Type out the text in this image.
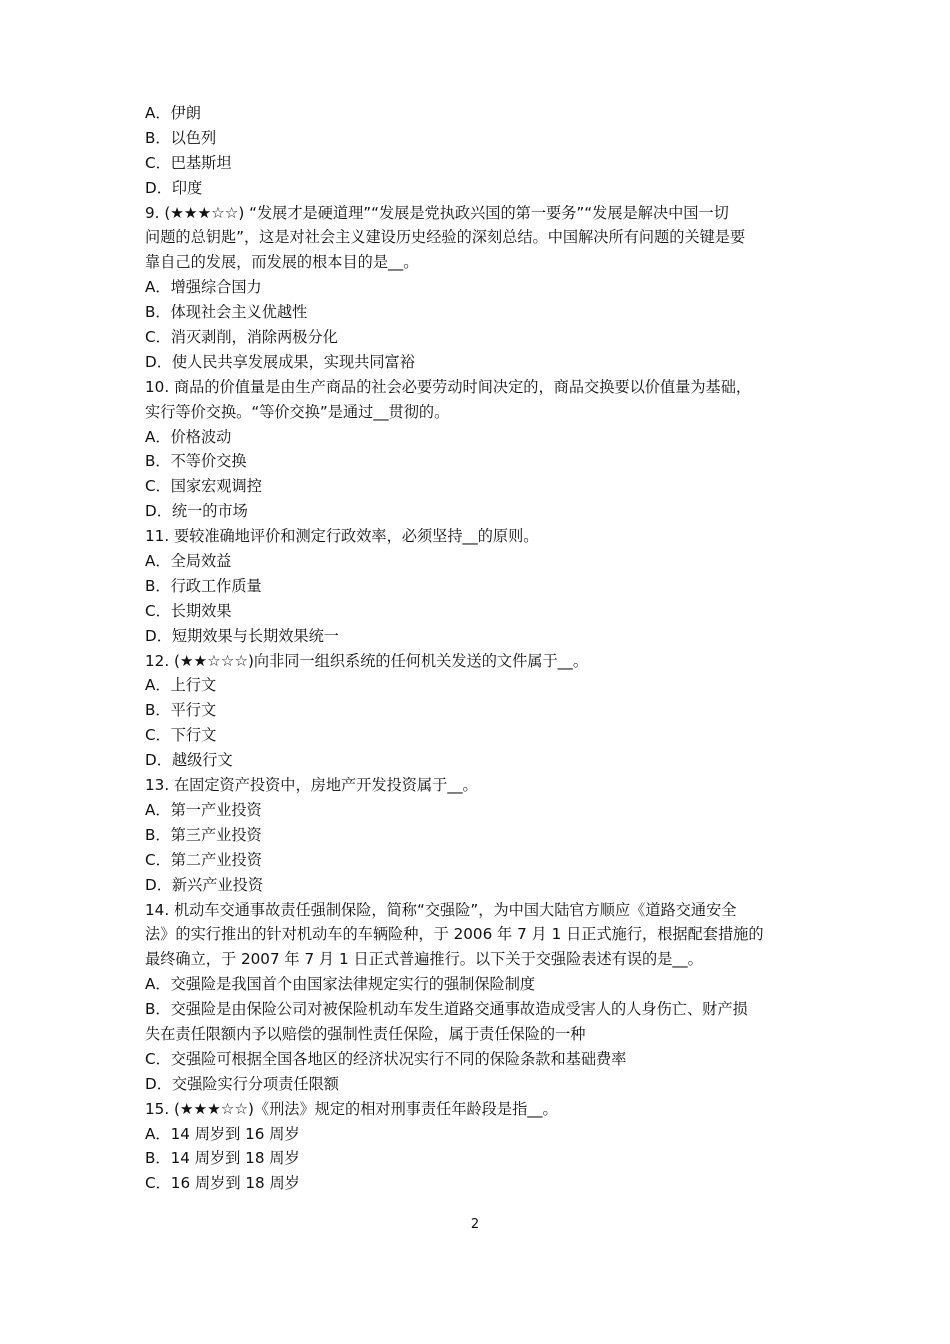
A．伊朗
B．以色列
C．巴基斯坦
D．印度
9. (★★★☆☆) “发展才是硬道理”“发展是党执政兴国的第一要务”“发展是解决中国一切
问题的总钥匙”，这是对社会主义建设历史经验的深刻总结。中国解决所有问题的关键是要
靠自己的发展，而发展的根本目的是__。
A．增强综合国力
B．体现社会主义优越性
C．消灭剥削，消除两极分化
D．使人民共享发展成果，实现共同富裕
10. 商品的价值量是由生产商品的社会必要劳动时间决定的，商品交换要以价值量为基础，
实行等价交换。“等价交换”是通过__贯彻的。
A．价格波动
B．不等价交换
C．国家宏观调控
D．统一的市场
11. 要较准确地评价和测定行政效率，必须坚持__的原则。
A．全局效益
B．行政工作质量
C．长期效果
D．短期效果与长期效果统一
12. (★★☆☆☆)向非同一组织系统的任何机关发送的文件属于__。
A．上行文
B．平行文
C．下行文
D．越级行文
13. 在固定资产投资中，房地产开发投资属于__。
A．第一产业投资
B．第三产业投资
C．第二产业投资
D．新兴产业投资
14. 机动车交通事故责任强制保险，简称“交强险”，为中国大陆官方顺应《道路交通安全
法》的实行推出的针对机动车的车辆险种，于 2006 年 7 月 1 日正式施行，根据配套措施的
最终确立，于 2007 年 7 月 1 日正式普遍推行。以下关于交强险表述有误的是__。
A．交强险是我国首个由国家法律规定实行的强制保险制度
B．交强险是由保险公司对被保险机动车发生道路交通事故造成受害人的人身伤亡、财产损
失在责任限额内予以赔偿的强制性责任保险，属于责任保险的一种
C．交强险可根据全国各地区的经济状况实行不同的保险条款和基础费率
D．交强险实行分项责任限额
15. (★★★☆☆)《刑法》规定的相对刑事责任年龄段是指__。
A．14 周岁到 16 周岁
B．14 周岁到 18 周岁
C．16 周岁到 18 周岁
2
